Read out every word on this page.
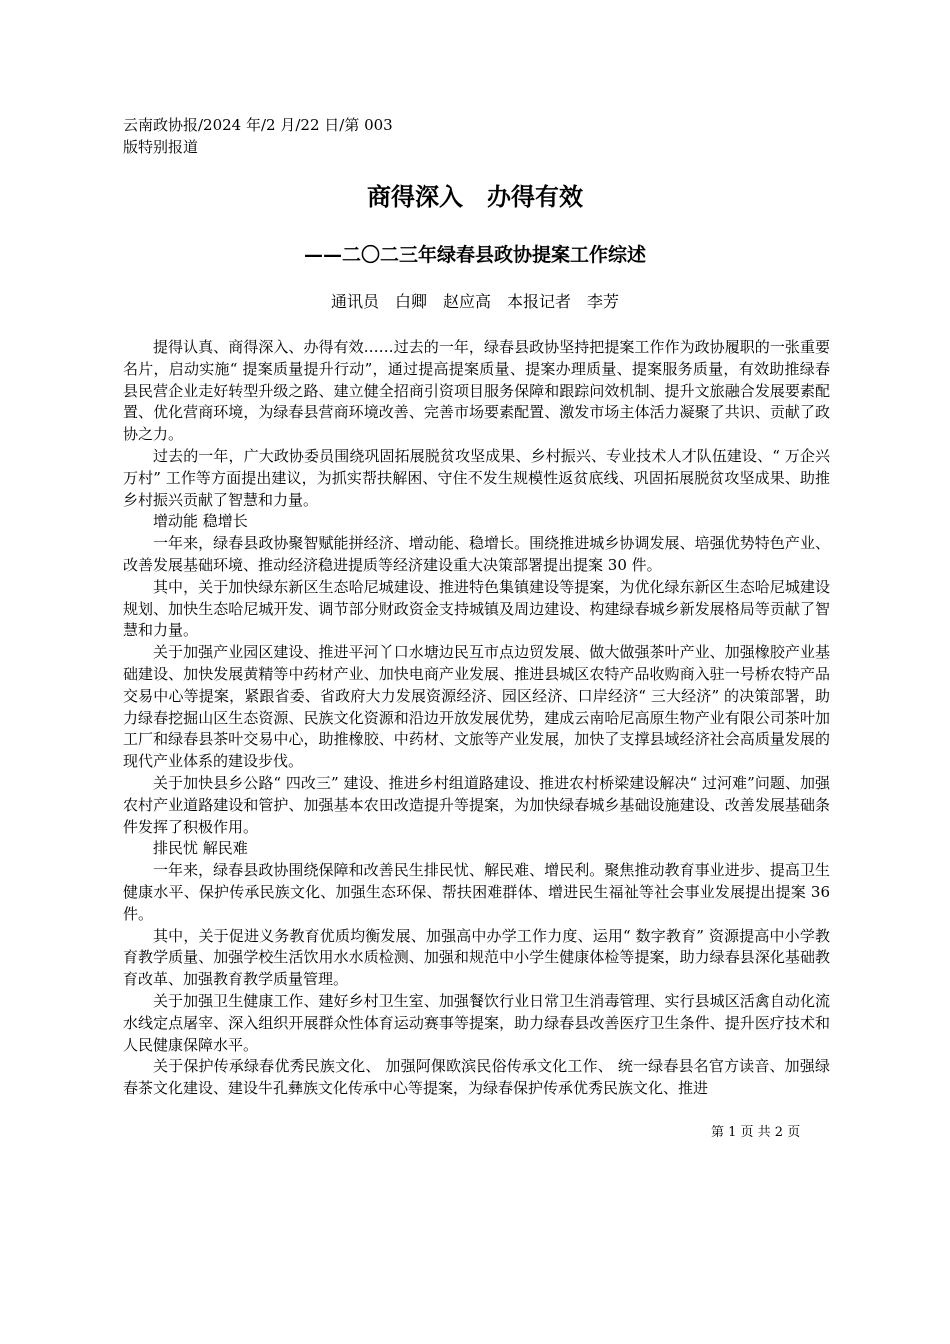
云南政协报/2024 年/2 月/22 日/第 003
版特别报道
商得深入　办得有效
——二〇二三年绿春县政协提案工作综述
通讯员　白卿　赵应高　本报记者　李芳

提得认真、商得深入、办得有效……过去的一年，绿春县政协坚持把提案工作作为政协履职的一张重要名片，启动实施“ 提案质量提升行动”，通过提高提案质量、提案办理质量、提案服务质量，有效助推绿春县民营企业走好转型升级之路、建立健全招商引资项目服务保障和跟踪问效机制、提升文旅融合发展要素配置、优化营商环境，为绿春县营商环境改善、完善市场要素配置、激发市场主体活力凝聚了共识、贡献了政协之力。

过去的一年，广大政协委员围绕巩固拓展脱贫攻坚成果、乡村振兴、专业技术人才队伍建设、“ 万企兴万村” 工作等方面提出建议，为抓实帮扶解困、守住不发生规模性返贫底线、巩固拓展脱贫攻坚成果、助推乡村振兴贡献了智慧和力量。

增动能 稳增长

一年来，绿春县政协聚智赋能拼经济、增动能、稳增长。围绕推进城乡协调发展、培强优势特色产业、改善发展基础环境、推动经济稳进提质等经济建设重大决策部署提出提案 30 件。

其中，关于加快绿东新区生态哈尼城建设、推进特色集镇建设等提案，为优化绿东新区生态哈尼城建设规划、加快生态哈尼城开发、调节部分财政资金支持城镇及周边建设、构建绿春城乡新发展格局等贡献了智慧和力量。

关于加强产业园区建设、推进平河丫口水塘边民互市点边贸发展、做大做强茶叶产业、加强橡胶产业基础建设、加快发展黄精等中药材产业、加快电商产业发展、推进县城区农特产品收购商入驻一号桥农特产品交易中心等提案，紧跟省委、省政府大力发展资源经济、园区经济、口岸经济“ 三大经济” 的决策部署，助力绿春挖掘山区生态资源、民族文化资源和沿边开放发展优势，建成云南哈尼高原生物产业有限公司茶叶加工厂和绿春县茶叶交易中心，助推橡胶、中药材、文旅等产业发展，加快了支撑县域经济社会高质量发展的现代产业体系的建设步伐。

关于加快县乡公路“ 四改三” 建设、推进乡村组道路建设、推进农村桥梁建设解决“ 过河难”问题、加强农村产业道路建设和管护、加强基本农田改造提升等提案，为加快绿春城乡基础设施建设、改善发展基础条件发挥了积极作用。

排民忧 解民难

一年来，绿春县政协围绕保障和改善民生排民忧、解民难、增民利。聚焦推动教育事业进步、提高卫生健康水平、保护传承民族文化、加强生态环保、帮扶困难群体、增进民生福祉等社会事业发展提出提案 36 件。

其中，关于促进义务教育优质均衡发展、加强高中办学工作力度、运用“ 数字教育” 资源提高中小学教育教学质量、加强学校生活饮用水水质检测、加强和规范中小学生健康体检等提案，助力绿春县深化基础教育改革、加强教育教学质量管理。

关于加强卫生健康工作、建好乡村卫生室、加强餐饮行业日常卫生消毒管理、实行县城区活禽自动化流水线定点屠宰、深入组织开展群众性体育运动赛事等提案，助力绿春县改善医疗卫生条件、提升医疗技术和人民健康保障水平。

关于保护传承绿春优秀民族文化、 加强阿倮欧滨民俗传承文化工作、 统一绿春县名官方读音、加强绿春茶文化建设、建设牛孔彝族文化传承中心等提案，为绿春保护传承优秀民族文化、推进

第 1 页 共 2 页
